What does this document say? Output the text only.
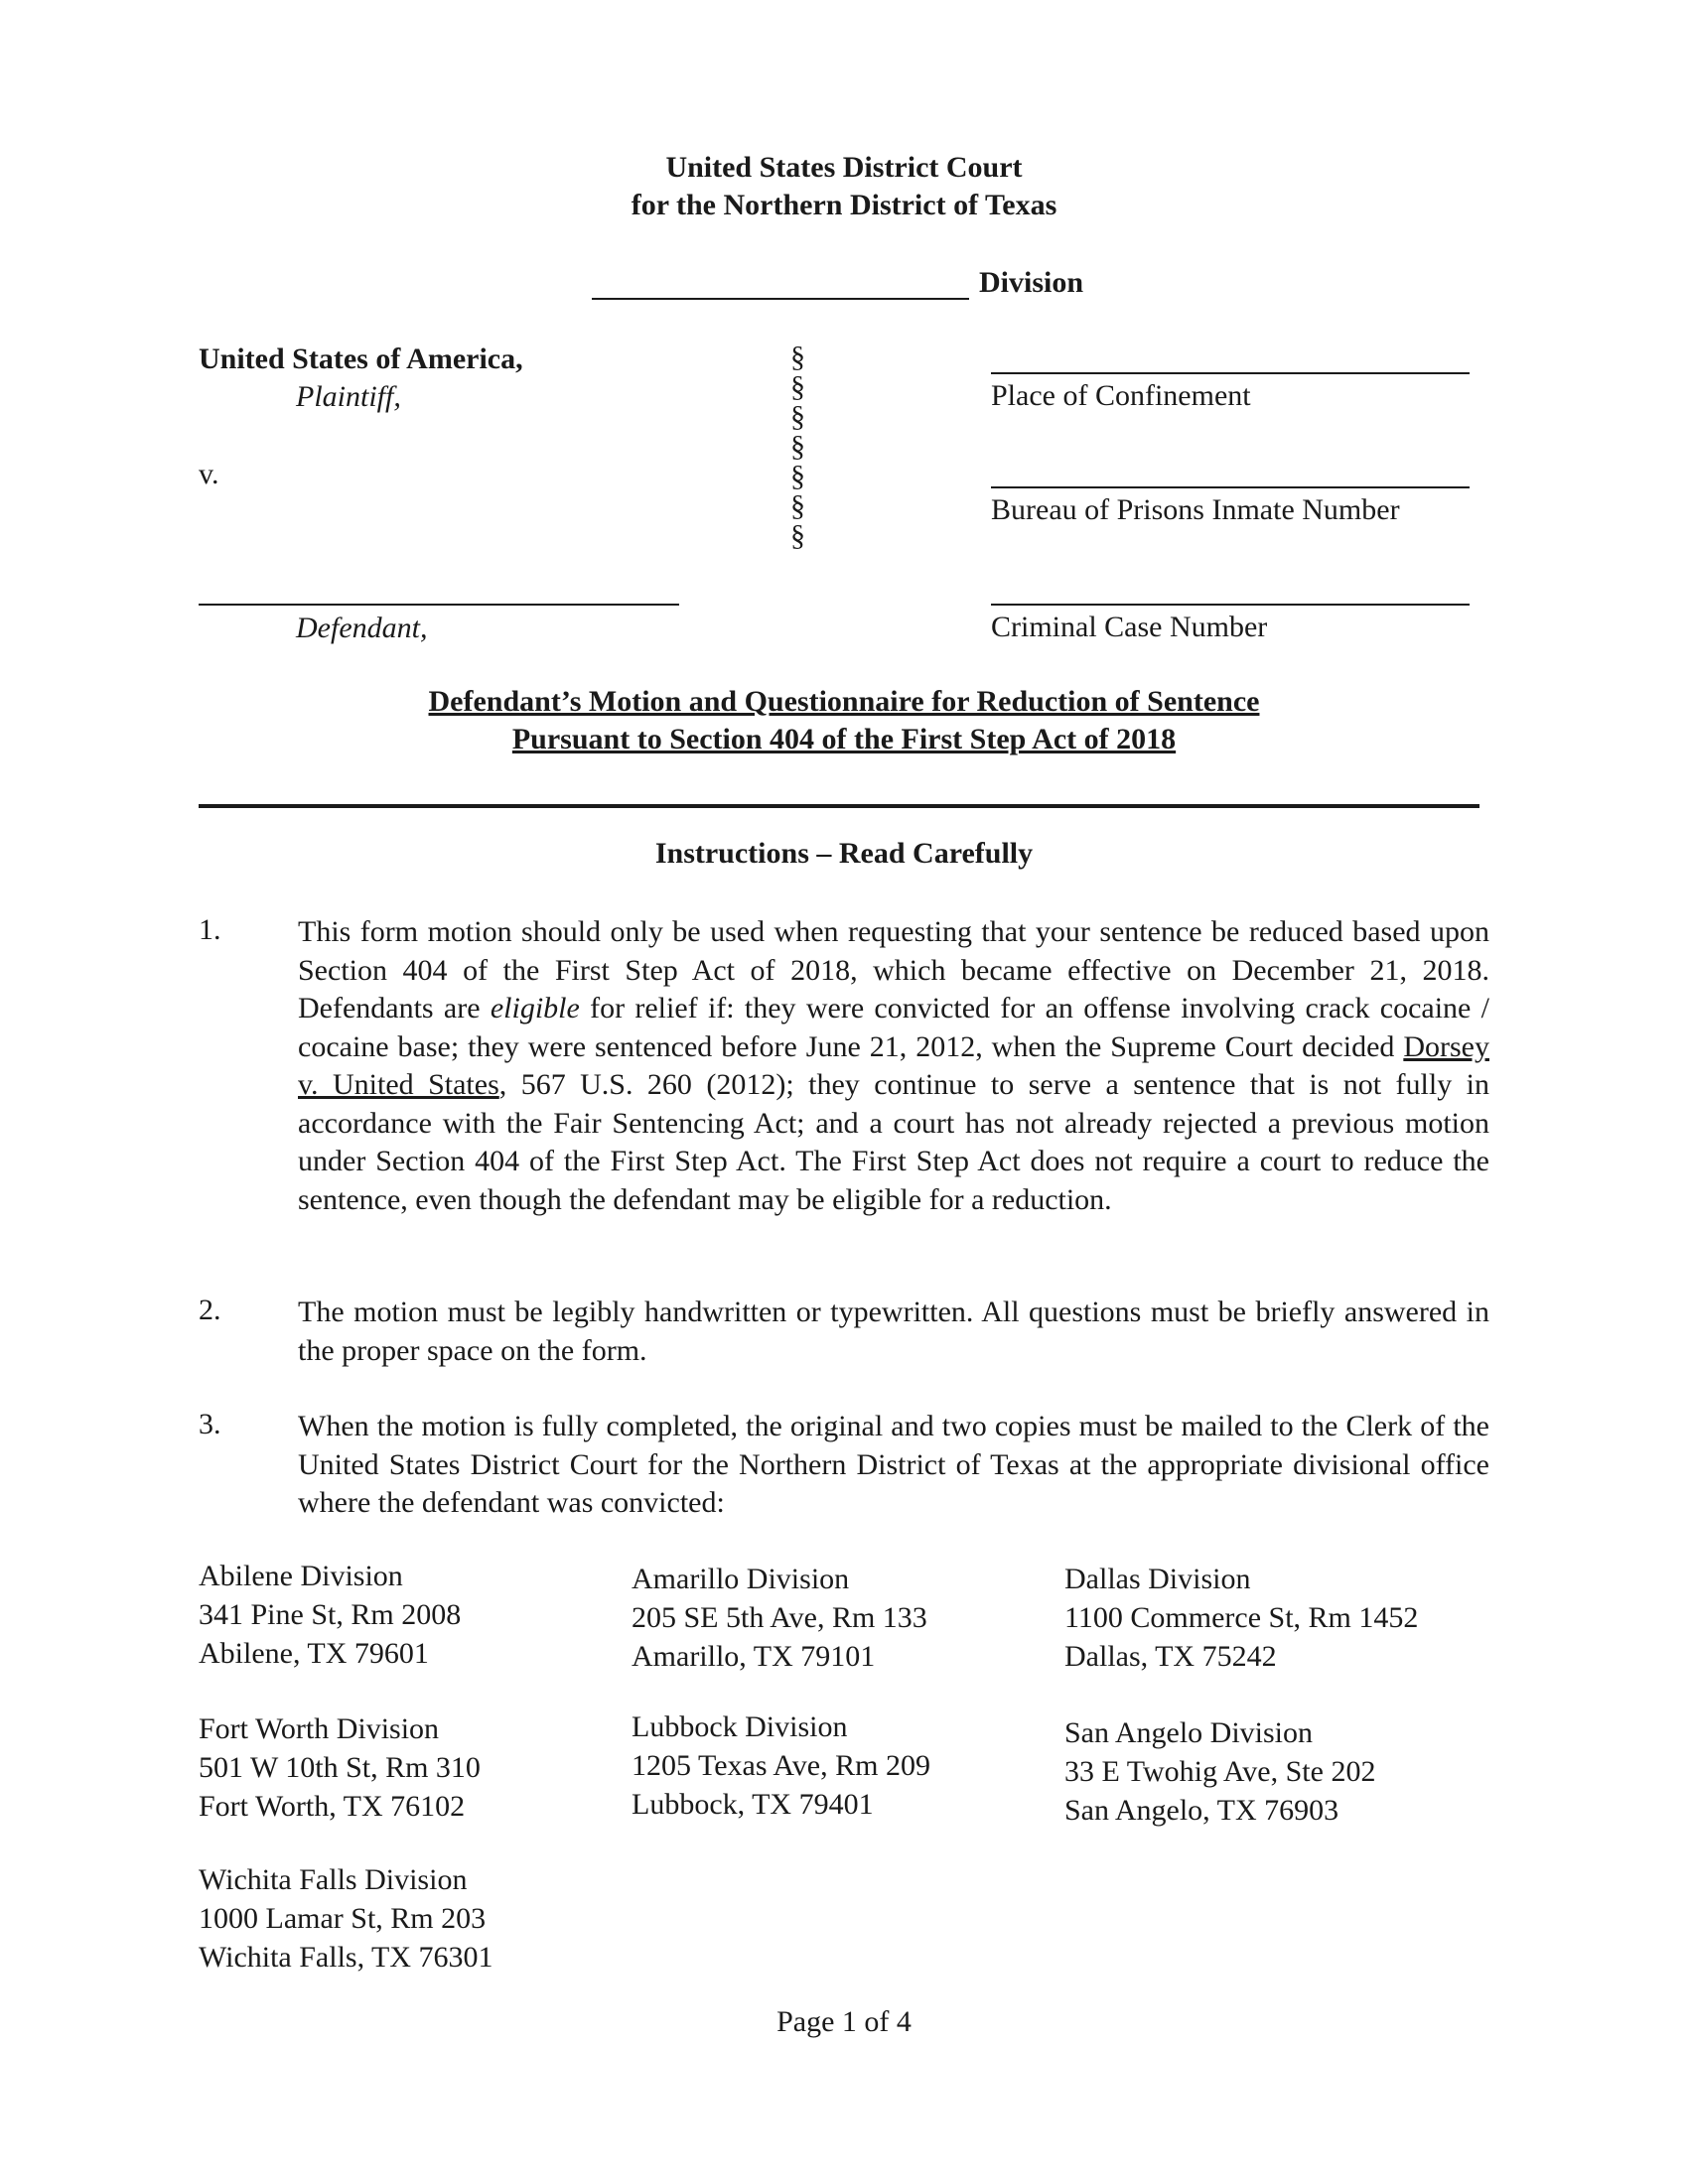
United States District Court
for the Northern District of Texas
Division
United States of America,
Plaintiff,
v.
Defendant,
§
§
§
§
§
§
§
Place of Confinement
Bureau of Prisons Inmate Number
Criminal Case Number
Defendant’s Motion and Questionnaire for Reduction of Sentence
Pursuant to Section 404 of the First Step Act of 2018
Instructions – Read Carefully
1.	This form motion should only be used when requesting that your sentence be reduced based upon Section 404 of the First Step Act of 2018, which became effective on December 21, 2018. Defendants are eligible for relief if: they were convicted for an offense involving crack cocaine / cocaine base; they were sentenced before June 21, 2012, when the Supreme Court decided Dorsey v. United States, 567 U.S. 260 (2012); they continue to serve a sentence that is not fully in accordance with the Fair Sentencing Act; and a court has not already rejected a previous motion under Section 404 of the First Step Act. The First Step Act does not require a court to reduce the sentence, even though the defendant may be eligible for a reduction.
2.	The motion must be legibly handwritten or typewritten. All questions must be briefly answered in the proper space on the form.
3.	When the motion is fully completed, the original and two copies must be mailed to the Clerk of the United States District Court for the Northern District of Texas at the appropriate divisional office where the defendant was convicted:
Abilene Division
341 Pine St, Rm 2008
Abilene, TX 79601
Amarillo Division
205 SE 5th Ave, Rm 133
Amarillo, TX 79101
Dallas Division
1100 Commerce St, Rm 1452
Dallas, TX 75242
Fort Worth Division
501 W 10th St, Rm 310
Fort Worth, TX 76102
Lubbock Division
1205 Texas Ave, Rm 209
Lubbock, TX 79401
San Angelo Division
33 E Twohig Ave, Ste 202
San Angelo, TX 76903
Wichita Falls Division
1000 Lamar St, Rm 203
Wichita Falls, TX 76301
Page 1 of 4
